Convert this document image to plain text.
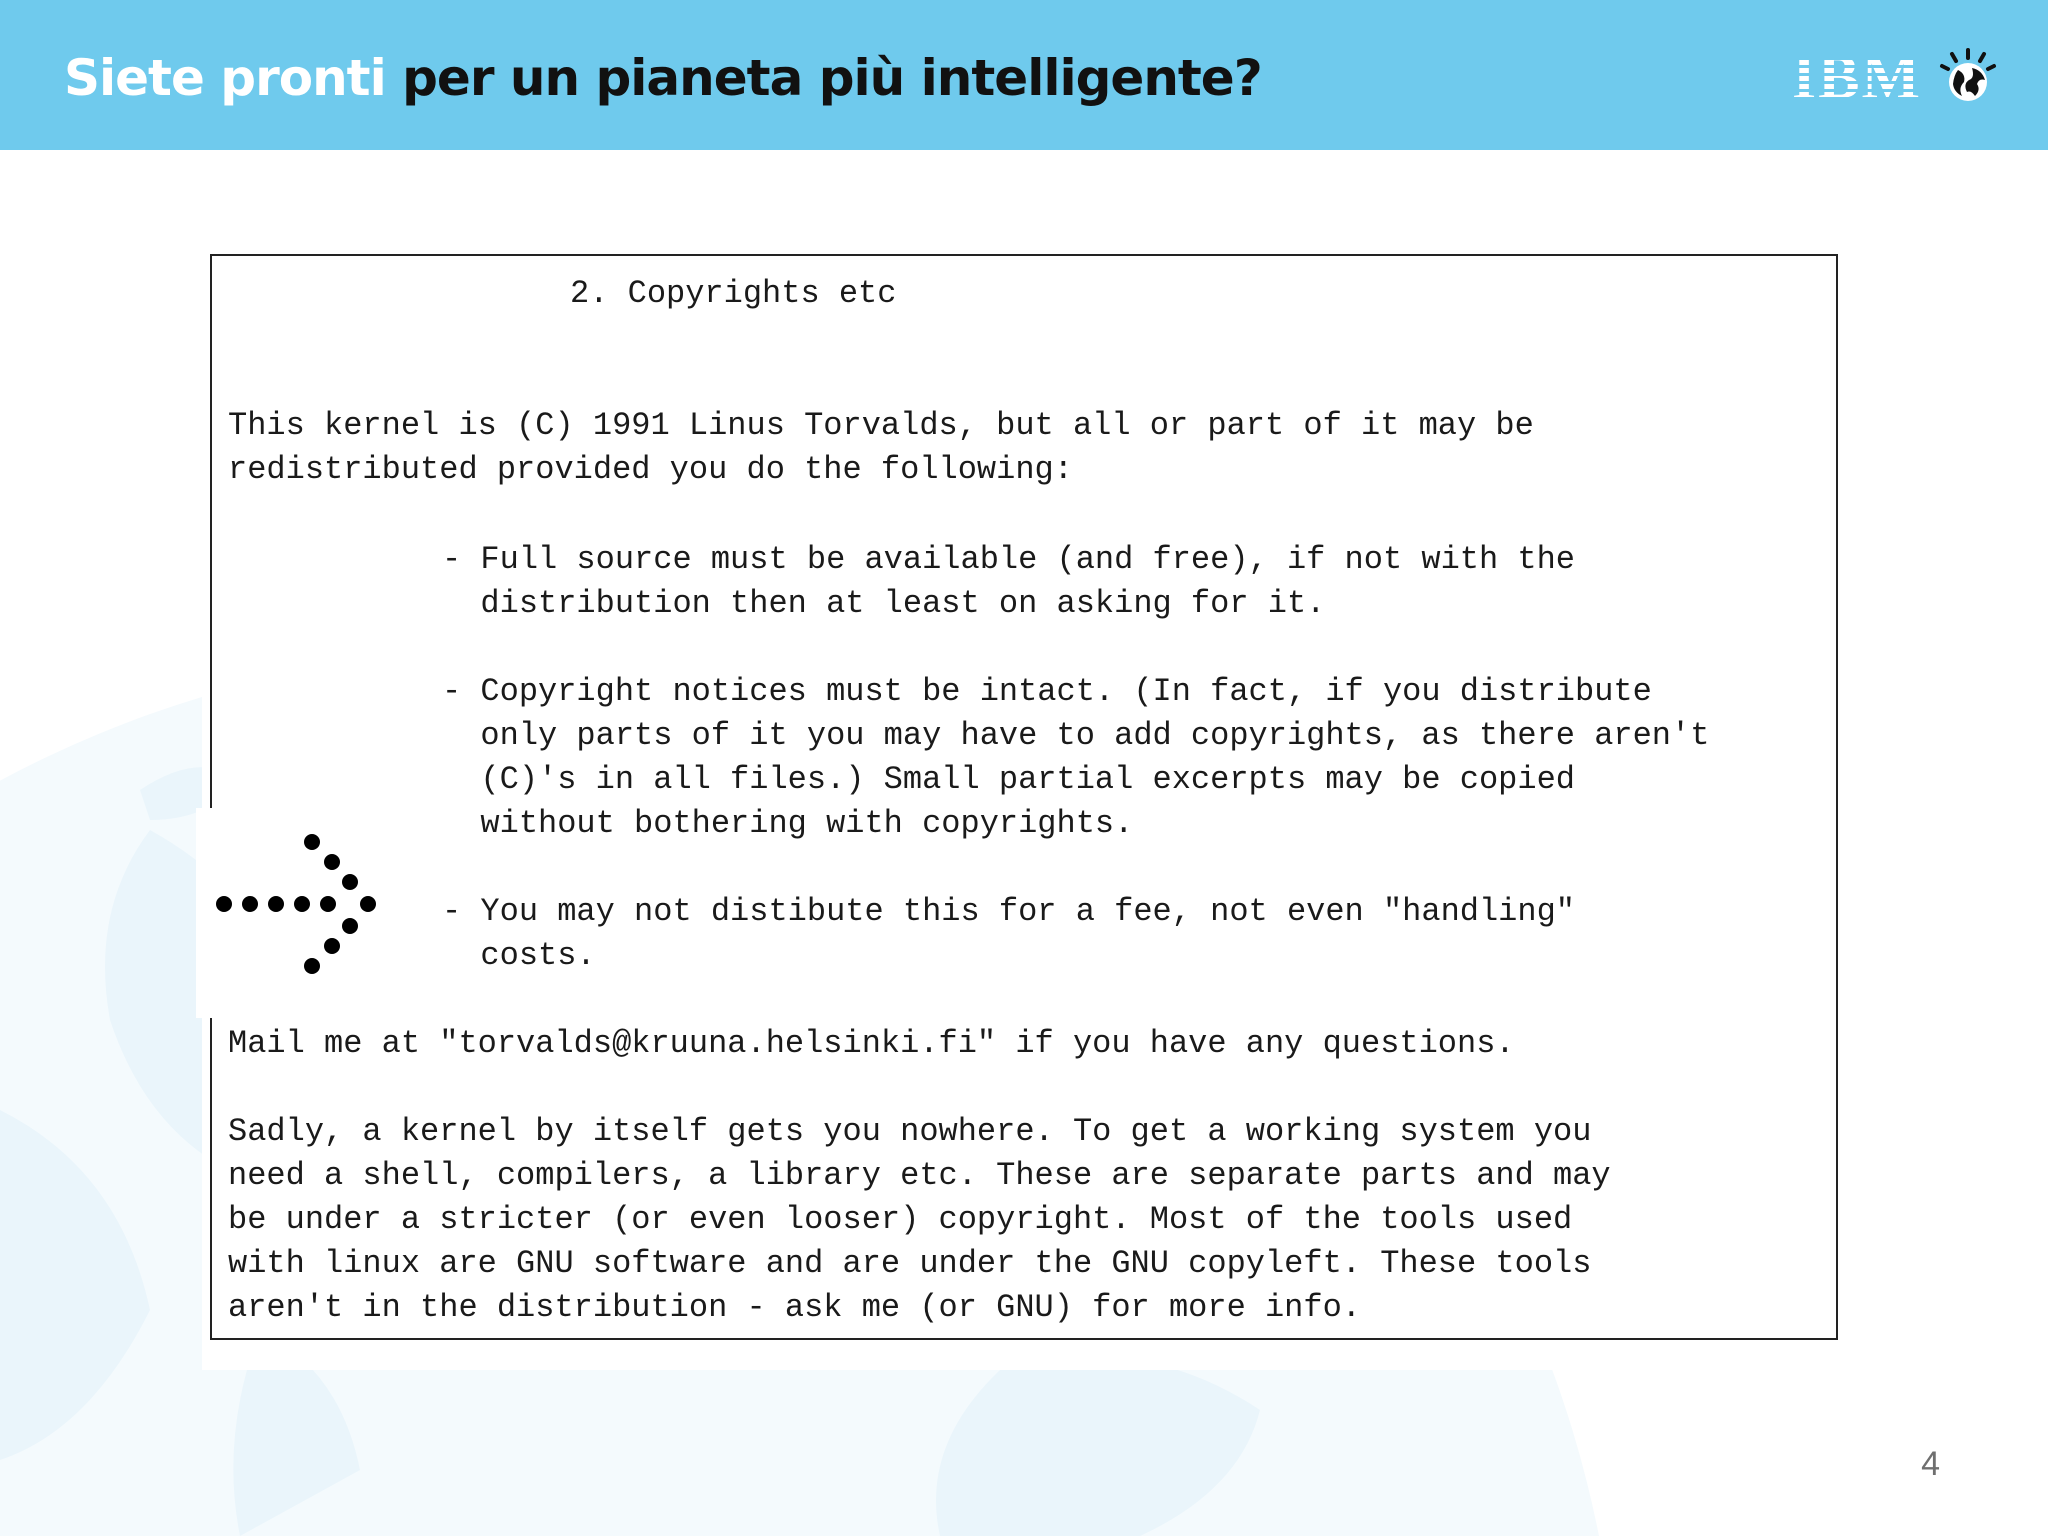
Siete pronti per un pianeta più intelligente?	IBM
2. Copyrights etc
This kernel is (C) 1991 Linus Torvalds, but all or part of it may be
redistributed provided you do the following:
- Full source must be available (and free), if not with the
distribution then at least on asking for it.
- Copyright notices must be intact. (In fact, if you distribute
only parts of it you may have to add copyrights, as there aren't
(C)'s in all files.) Small partial excerpts may be copied
without bothering with copyrights.
- You may not distibute this for a fee, not even "handling"
costs.
Mail me at "torvalds@kruuna.helsinki.fi" if you have any questions.
Sadly, a kernel by itself gets you nowhere. To get a working system you
need a shell, compilers, a library etc. These are separate parts and may
be under a stricter (or even looser) copyright. Most of the tools used
with linux are GNU software and are under the GNU copyleft. These tools
aren't in the distribution - ask me (or GNU) for more info.
4
